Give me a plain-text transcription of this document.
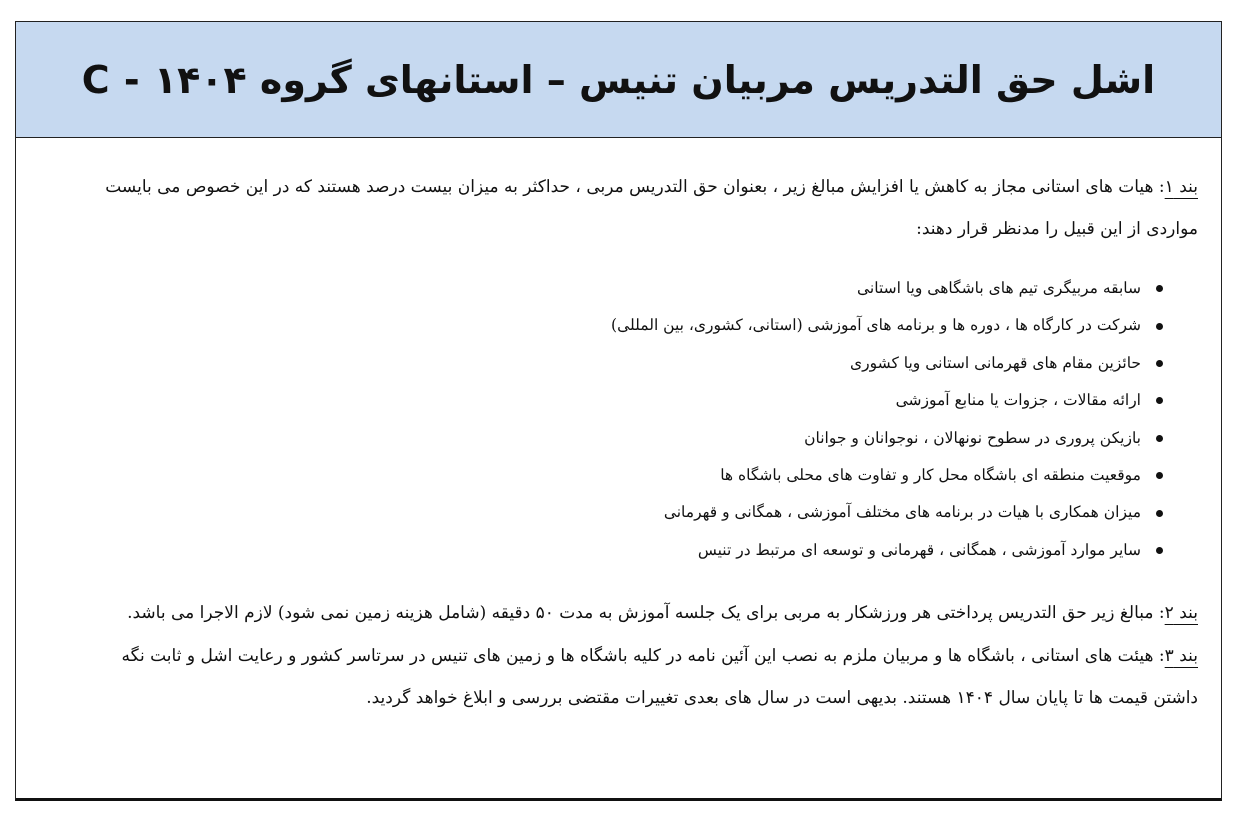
اشل حق التدریس مربیان تنیس – استانهای گروه C - ۱۴۰۴

بند ۱: هیات های استانی مجاز به کاهش یا افزایش مبالغ زیر ، بعنوان حق التدریس مربی ، حداکثر به میزان بیست درصد هستند که در این خصوص می بایست
مواردی از این قبیل را مدنظر قرار دهند:

سابقه مربیگری تیم های باشگاهی ویا استانی
شرکت در کارگاه ها ، دوره ها و برنامه های آموزشی (استانی، کشوری، بین المللی)
حائزین مقام های قهرمانی استانی ویا کشوری
ارائه مقالات ، جزوات یا منابع آموزشی
بازیکن پروری در سطوح نونهالان ، نوجوانان و جوانان
موقعیت منطقه ای باشگاه محل کار و تفاوت های محلی باشگاه ها
میزان همکاری با هیات در برنامه های مختلف آموزشی ، همگانی و قهرمانی
سایر موارد آموزشی ، همگانی ، قهرمانی و توسعه ای مرتبط در تنیس

بند ۲: مبالغ زیر حق التدریس پرداختی هر ورزشکار به مربی برای یک جلسه آموزش به مدت ۵۰ دقیقه (شامل هزینه زمین نمی شود) لازم الاجرا می باشد.

بند ۳: هیئت های استانی ، باشگاه ها و مربیان ملزم به نصب این آئین نامه در کلیه باشگاه ها و زمین های تنیس در سرتاسر کشور و رعایت اشل و ثابت نگه
داشتن قیمت ها تا پایان سال ۱۴۰۴ هستند. بدیهی است در سال های بعدی تغییرات مقتضی بررسی و ابلاغ خواهد گردید.
